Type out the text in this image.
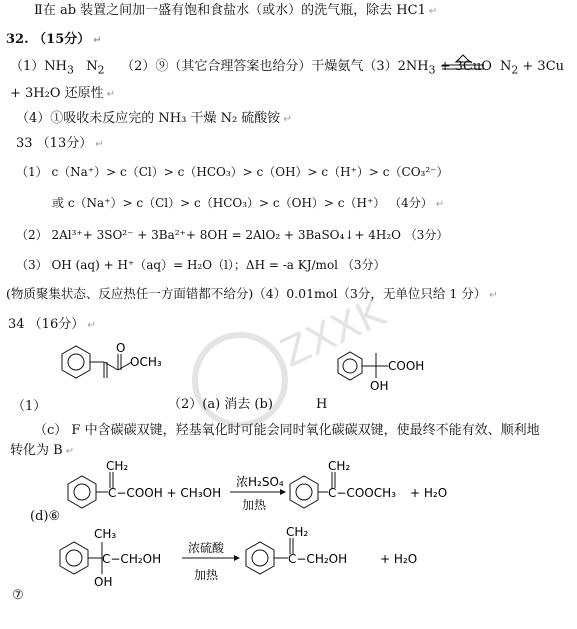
ZXXK
Ⅱ在 ab 装置之间加一盛有饱和食盐水（或水）的洗气瓶，除去 HC1 ↵
32. （15分） ↵
$(1)NH_3$ $N_2$ （2）⑨（其它合理答案也给分）干燥氨气$(3)2NH_3 + 3CuO$ $N_2 + 3Cu$
+ 3H₂O 还原性 ↵
（4）①吸收未反应完的 NH₃ 干燥 N₂ 硫酸铵 ↵
33 （13分） ↵
（1） c（Na⁺）> c（Cl）> c（HCO₃）> c（OH）> c（H⁺）> c（CO₃²⁻）
或 c（Na⁺）> c（Cl）> c（HCO₃）> c（OH）> c（H⁺） （4分） ↵
（2） 2Al³⁺+ 3SO²⁻ + 3Ba²⁺+ 8OH = 2AlO₂ + 3BaSO₄↓+ 4H₂O （3分）
（3） OH (aq) + H⁺（aq）= H₂O（l）；ΔH = -a KJ/mol （3分）
(物质聚集状态、反应热任一方面错都不给分)（4）0.01mol（3分，无单位只给 1 分） ↵
34 （16分） ↵
O
OCH₃
（1）	（2）(a) 消去 (b)	H
COOH
OH
（c） F 中含碳碳双键，羟基氧化时可能会同时氧化碳碳双键，使最终不能有效、顺利地
转化为 B ↵
(d)⑥
CH₂
C−COOH + CH₃OH
浓H₂SO₄
加热
CH₂
C−COOCH₃ + H₂O
CH₃
OH
C−CH₂OH
浓硫酸
加热
CH₂
C−CH₂OH	+ H₂O
⑦
